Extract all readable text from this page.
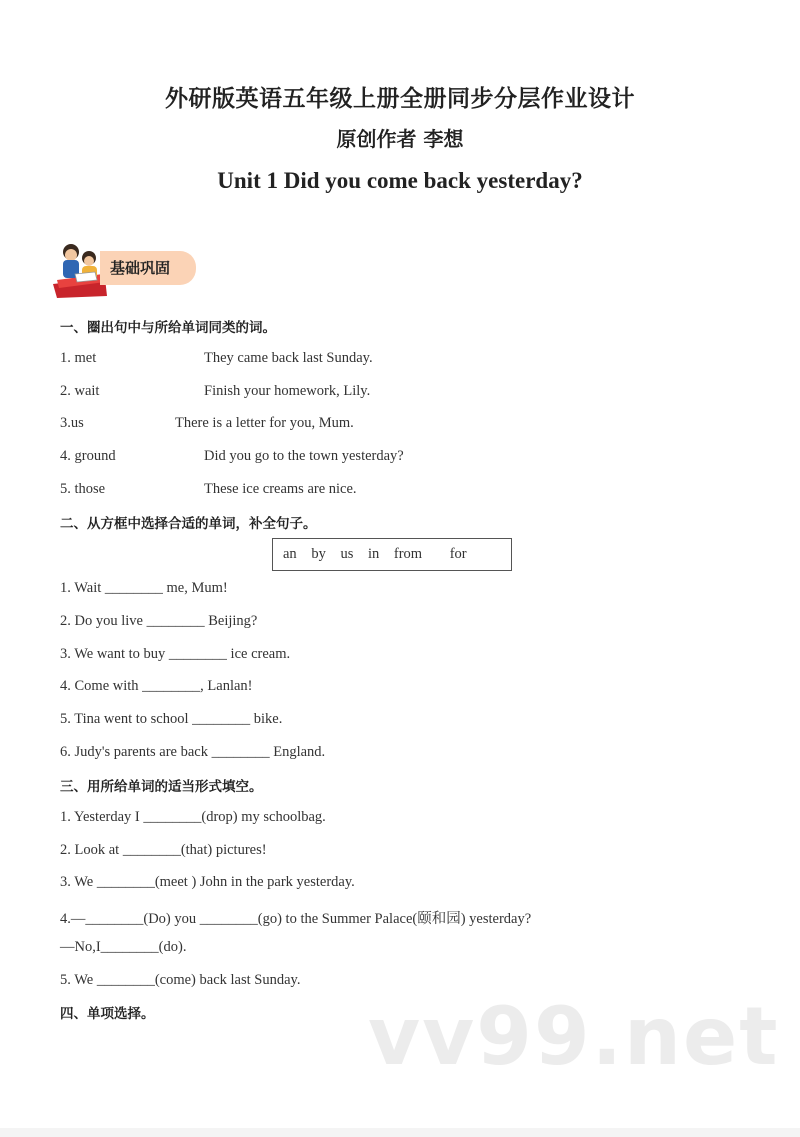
外研版英语五年级上册全册同步分层作业设计
原创作者 李想
Unit 1 Did you come back yesterday?
基础巩固
一、圈出句中与所给单词同类的词。
1. met	They came back last Sunday.
2. wait	Finish your homework, Lily.
3.us	There is a letter for you, Mum.
4. ground	Did you go to the town yesterday?
5. those	These ice creams are nice.
二、从方框中选择合适的单词，补全句子。
an by us in from for
1. Wait ________ me, Mum!
2. Do you live ________ Beijing?
3. We want to buy ________ ice cream.
4. Come with ________, Lanlan!
5. Tina went to school ________ bike.
6. Judy's parents are back ________ England.
三、用所给单词的适当形式填空。
1. Yesterday I ________(drop) my schoolbag.
2. Look at ________(that) pictures!
3. We ________(meet ) John in the park yesterday.
4.—________(Do) you ________(go) to the Summer Palace(颐和园) yesterday?
—No,I________(do).
5. We ________(come) back last Sunday.
四、单项选择。	vv99.net
